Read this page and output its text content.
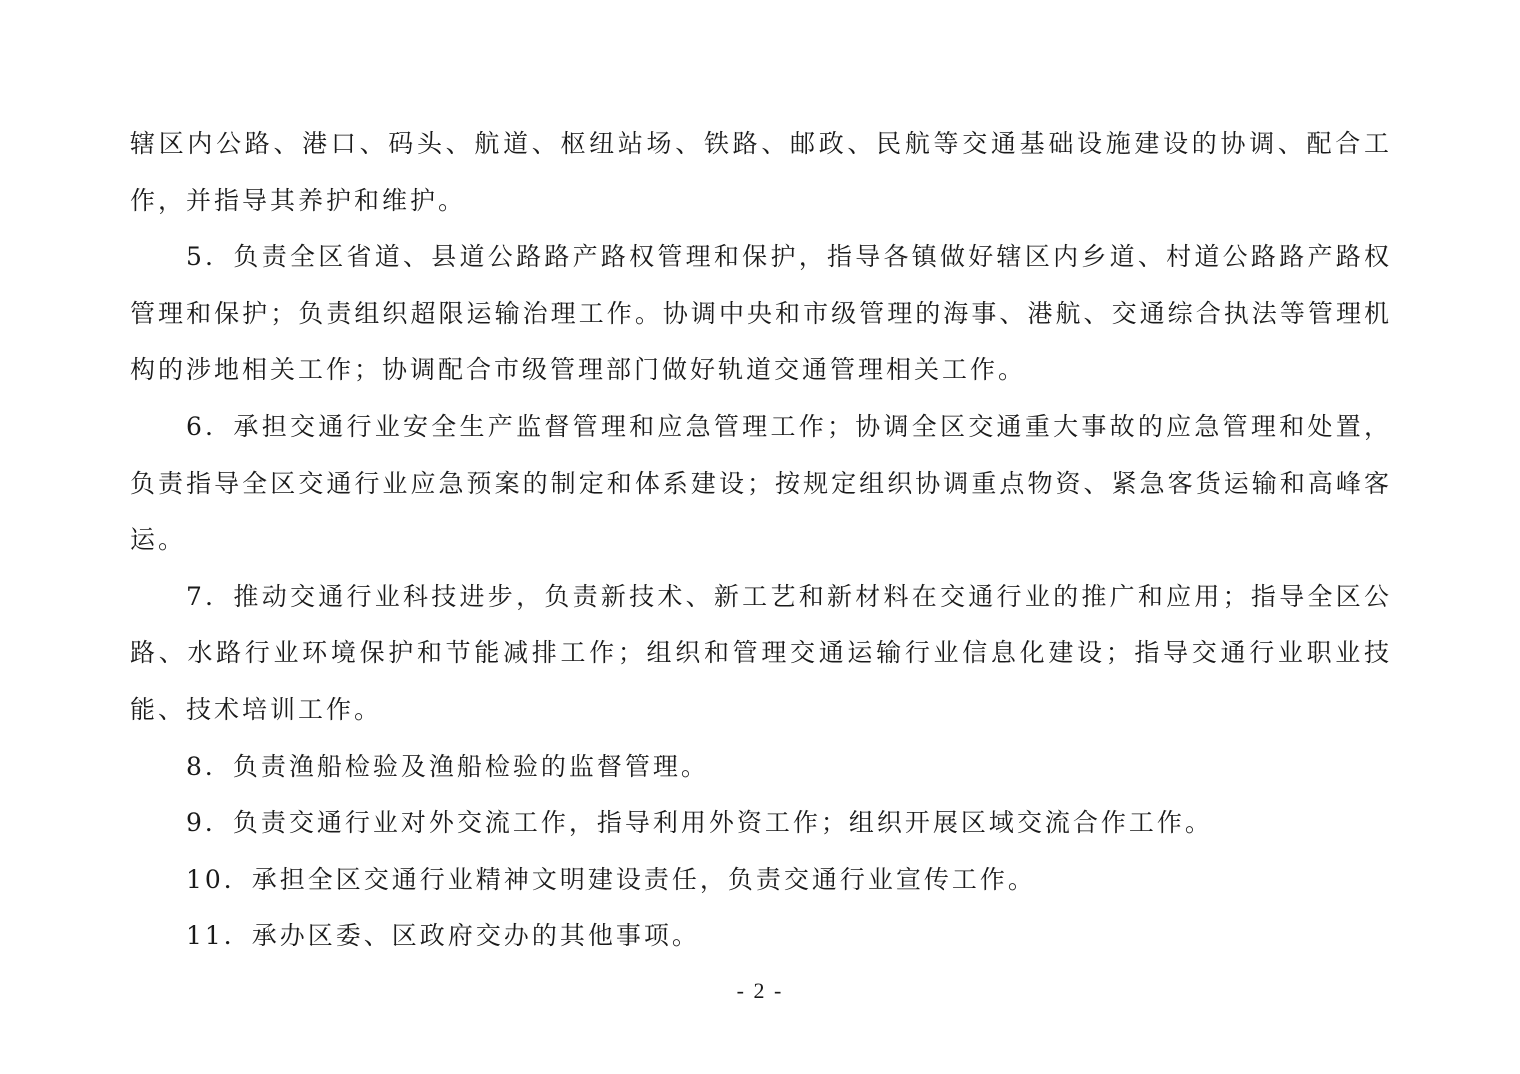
辖区内公路、港口、码头、航道、枢纽站场、铁路、邮政、民航等交通基础设施建设的协调、配合工作，并指导其养护和维护。

5．负责全区省道、县道公路路产路权管理和保护，指导各镇做好辖区内乡道、村道公路路产路权管理和保护；负责组织超限运输治理工作。协调中央和市级管理的海事、港航、交通综合执法等管理机构的涉地相关工作；协调配合市级管理部门做好轨道交通管理相关工作。

6．承担交通行业安全生产监督管理和应急管理工作；协调全区交通重大事故的应急管理和处置，负责指导全区交通行业应急预案的制定和体系建设；按规定组织协调重点物资、紧急客货运输和高峰客运。

7．推动交通行业科技进步，负责新技术、新工艺和新材料在交通行业的推广和应用；指导全区公路、水路行业环境保护和节能减排工作；组织和管理交通运输行业信息化建设；指导交通行业职业技能、技术培训工作。

8．负责渔船检验及渔船检验的监督管理。

9．负责交通行业对外交流工作，指导利用外资工作；组织开展区域交流合作工作。

10．承担全区交通行业精神文明建设责任，负责交通行业宣传工作。

11．承办区委、区政府交办的其他事项。

- 2 -
